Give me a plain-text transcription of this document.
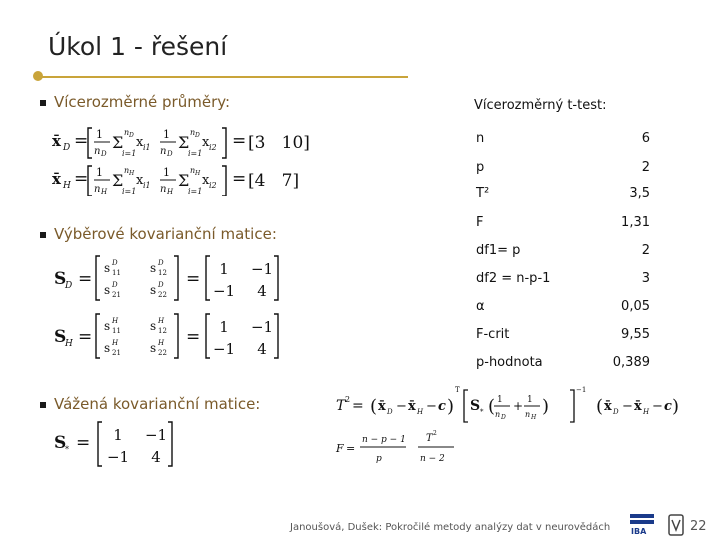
Úkol 1 - řešení
Vícerozměrné průměry:
x̄ D = 1
n D
Σ
n D
i=1
x i1
1
n D
Σ
n D
i=1
x i2 = [3   10]
x̄ H = 1
n H
Σ
n H
i=1
x i1
1
n H
Σ
n H
i=1
x i2 = [4   7]
Výběrové kovarianční matice:
S
D =
s D
11 s D
12
s D
21 s D
22
= 1 −1
−1 4
S
H =
s H
11 s H
12
s H
21 s H
22
= 1 −1
−1 4
Vážená kovarianční matice:
S
* = 1 −1
−1 4
T 2 = ( x̄ D − x̄ H − c )
T
S * ( 1
n D
+ 1
n H
)
−1
( x̄ D − x̄ H − c )
F =
n − p − 1
p
T 2
n − 2
Vícerozměrný t-test:
n	6
p	2
T²	3,5
F	1,31
df1= p	2
df2 = n-p-1	3
α	0,05
F-crit	9,55
p-hodnota	0,389
Janoušová, Dušek: Pokročilé metody analýzy dat v neurovědách	IBA	22
